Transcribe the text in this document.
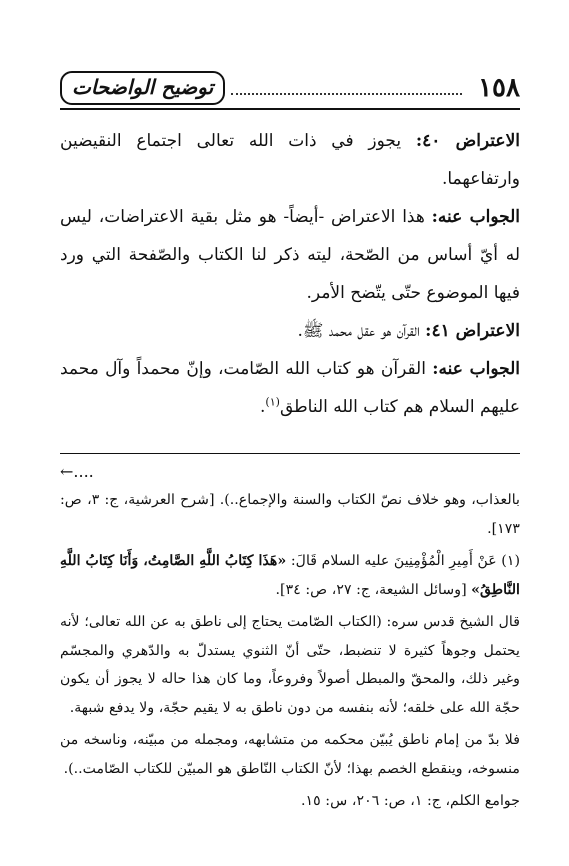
١٥٨
توضيح الواضحات

الاعتراض ٤٠: يجوز في ذات الله تعالى اجتماع النقيضين وارتفاعهما.

الجواب عنه: هذا الاعتراض -أيضاً- هو مثل بقية الاعتراضات، ليس له أيّ أساس من الصّحة، ليته ذكر لنا الكتاب والصّفحة التي ورد فيها الموضوع حتّى يتّضح الأمر.

الاعتراض ٤١: القرآن هو عقل محمد ﷺ.

الجواب عنه: القرآن هو كتاب الله الصّامت، وإنّ محمداً وآل محمد عليهم السلام هم كتاب الله الناطق$^{(١)}$.

←....

بالعذاب، وهو خلاف نصّ الكتاب والسنة والإجماع..). [شرح العرشية، ج: ٣، ص: ١٧٣].

(١) عَنْ أَمِيرِ الْمُؤْمِنِينَ عليه السلام قَالَ: «هَذَا كِتَابُ اللَّهِ الصَّامِتُ، وَأَنَا كِتَابُ اللَّهِ النَّاطِقُ» [وسائل الشيعة، ج: ٢٧، ص: ٣٤].

قال الشيخ قدس سره: (الكتاب الصّامت يحتاج إلى ناطق به عن الله تعالى؛ لأنه يحتمل وجوهاً كثيرة لا تنضبط، حتّى أنّ الثنوي يستدلّ به والدّهري والمجسّم وغير ذلك، والمحقّ والمبطل أصولاً وفروعاً، وما كان هذا حاله لا يجوز أن يكون حجّة الله على خلقه؛ لأنه بنفسه من دون ناطق به لا يقيم حجّة، ولا يدفع شبهة.

فلا بدّ من إمام ناطق يُبيّن محكمه من متشابهه، ومجمله من مبيّنه، وناسخه من منسوخه، وينقطع الخصم بهذا؛ لأنّ الكتاب النّاطق هو المبيّن للكتاب الصّامت..).

جوامع الكلم، ج: ١، ص: ٢٠٦، س: ١٥.
